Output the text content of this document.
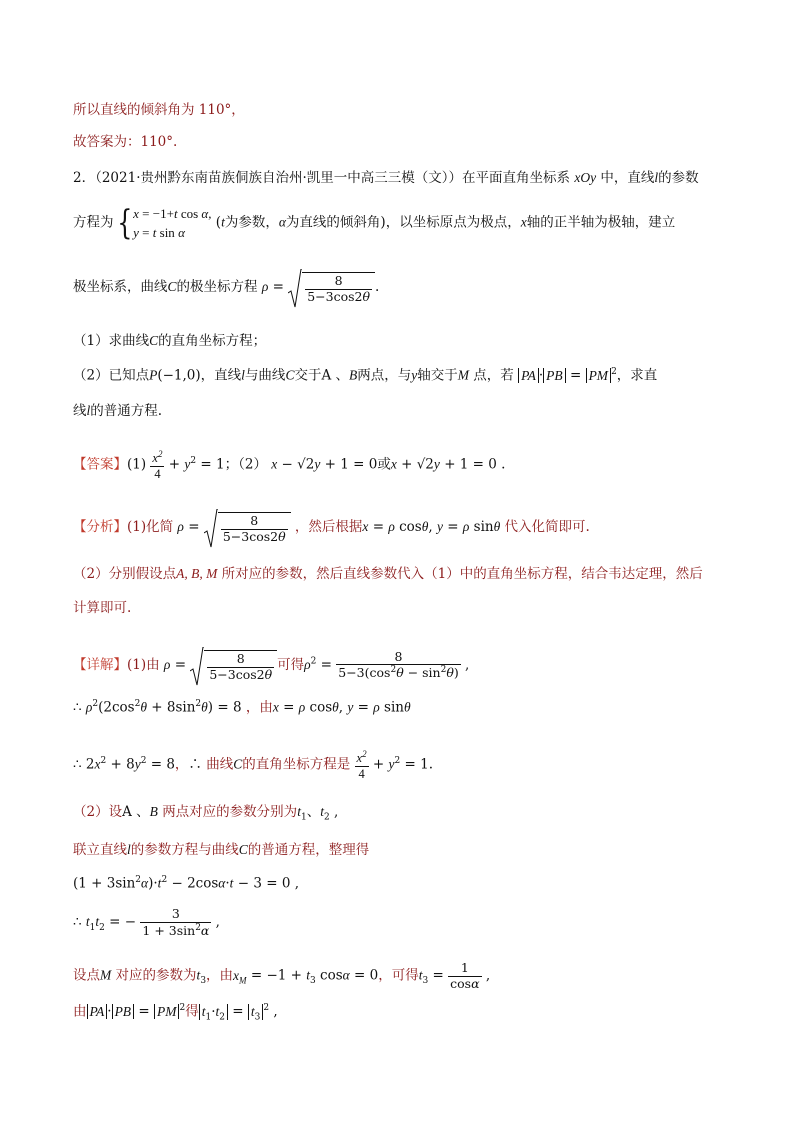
所以直线的倾斜角为 110°，
故答案为：110°.
2．（2021·贵州黔东南苗族侗族自治州·凯里一中高三三模（文））在平面直角坐标系 xOy 中，直线l的参数
方程为{x = −1+t cos α,
y = t sin α (t为参数，α为直线的倾斜角)，以坐标原点为极点，x轴的正半轴为极轴，建立
极坐标系，曲线C的极坐标方程 $\rho = \frac{8}{5-3\cos 2\theta}$ .
（1）求曲线C的直角坐标方程；
（2）已知点P(−1,0)，直线l与曲线C交于A 、B两点，与y轴交于M 点，若 PA · PB = PM $^2$，求直
线l的普通方程.
【答案】$(1) \frac{x^2}{4} + y^2 = 1$；（2） x − √2y + 1 = 0或x + √2y + 1 = 0 .
【分析】(1)化简 $\rho = \frac{8}{5-3\cos 2\theta}$ ，然后根据x = ρ cosθ, y = ρ sinθ 代入化简即可.
（2）分别假设点A, B, M 所对应的参数，然后直线参数代入（1）中的直角坐标方程，结合韦达定理，然后
计算即可.
【详解】(1)由 $\rho = \frac{8}{5-3\cos 2\theta}$ 可得$\rho^2 = \frac{8}{5-3(\cos^2\theta - \sin^2\theta)}$ ,
∴ $\rho^2(2\cos^2\theta + 8\sin^2\theta) = 8$ ，由x = ρ cosθ, y = ρ sinθ
∴ $2x^2 + 8y^2 = 8$，∴ 曲线C的直角坐标方程是 $\frac{x^2}{4} + y^2 = 1$.
（2）设A 、B 两点对应的参数分别为$t_1$、$t_2$ ,
联立直线l的参数方程与曲线C的普通方程，整理得
$(1 + 3\sin^2\alpha)\cdot t^2 - 2\cos\alpha\cdot t - 3 = 0$ ,
∴ $t_1t_2$ = − $\frac{3}{1 + 3\sin^2\alpha}$ ,
设点M 对应的参数为$t_3$，由$x_M = -1 + t_3$ cosα = 0，可得$t_3 = \frac{1}{\cos\alpha}$ ,
由 PA · PB = PM $^2$得 $t_1\cdot t_2 = t_3^2$ ,
